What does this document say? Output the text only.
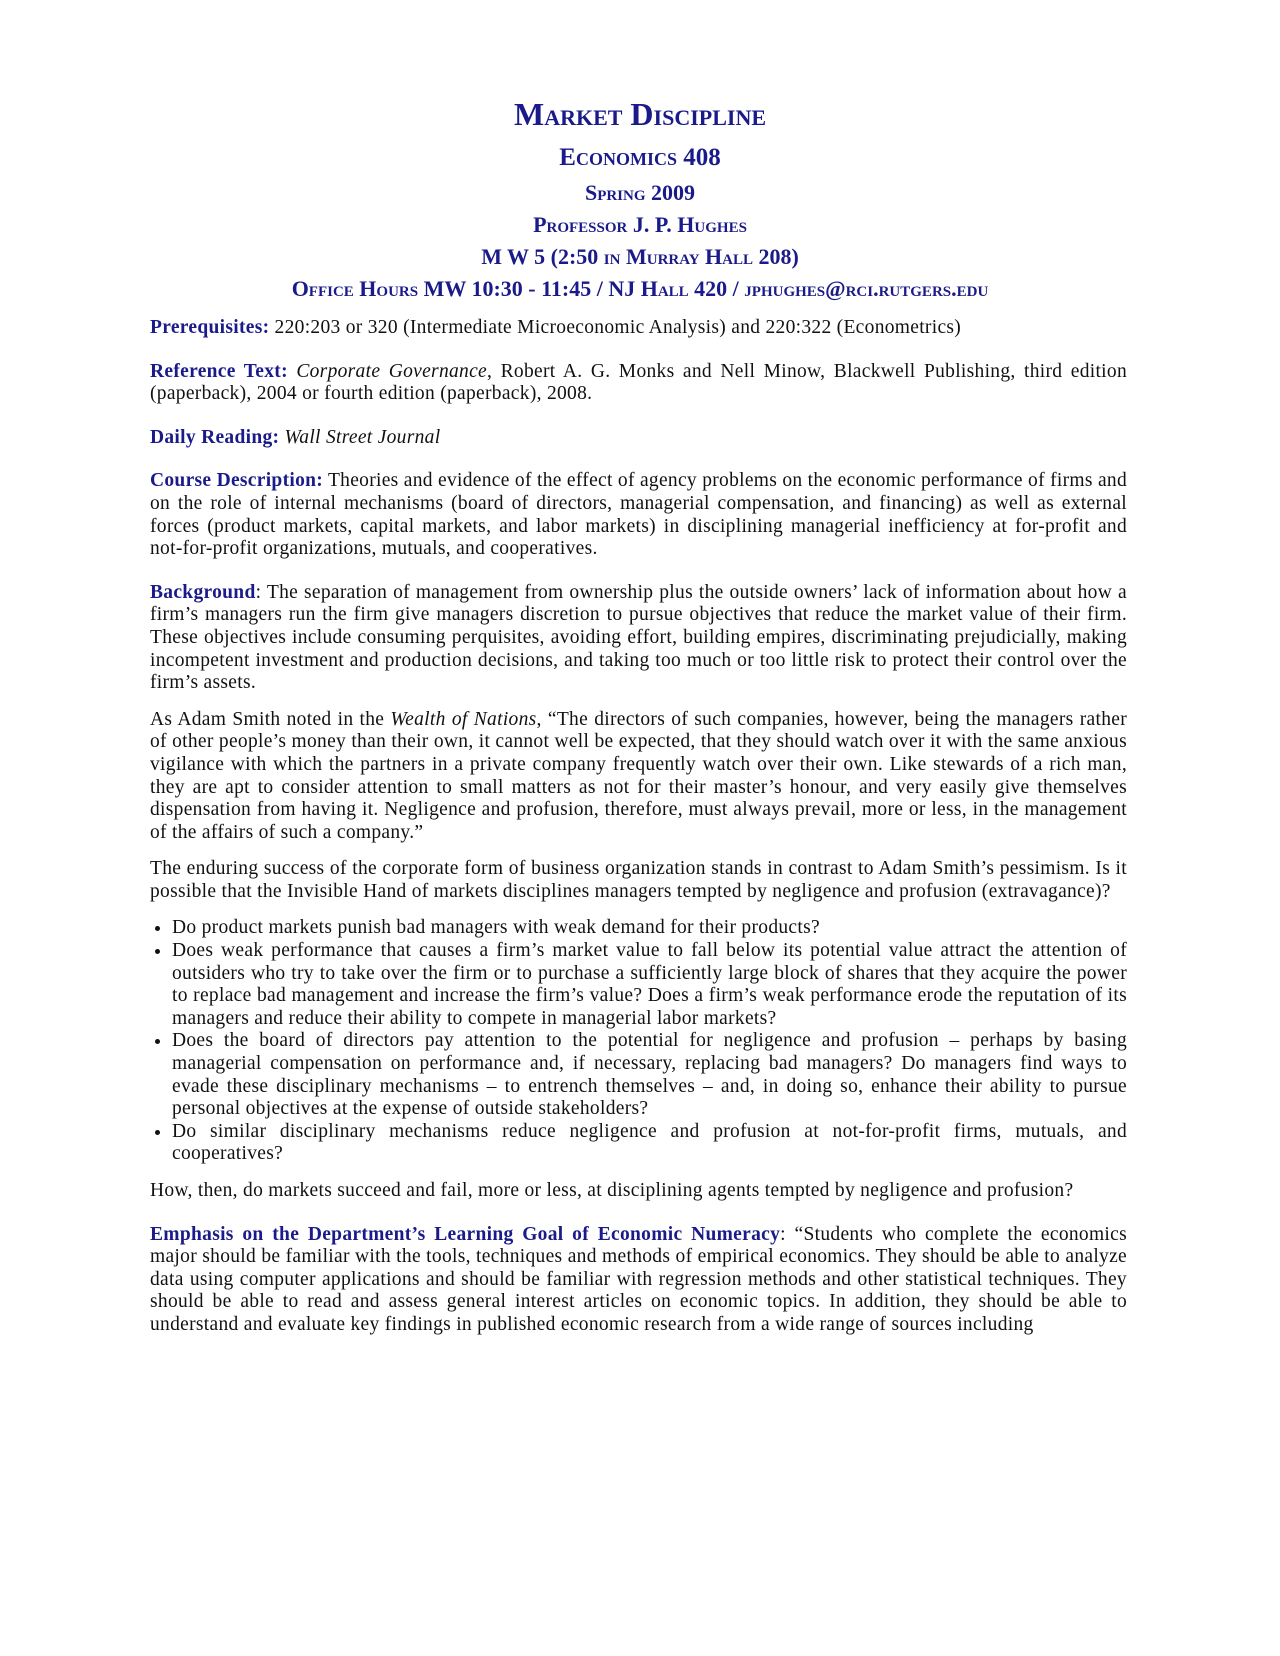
Market Discipline
Economics 408
Spring 2009
Professor J. P. Hughes
M W 5 (2:50 in Murray Hall 208)
Office Hours MW 10:30 - 11:45 / NJ Hall 420 / jphughes@rci.rutgers.edu

Prerequisites: 220:203 or 320 (Intermediate Microeconomic Analysis) and 220:322 (Econometrics)

Reference Text: Corporate Governance, Robert A. G. Monks and Nell Minow, Blackwell Publishing, third edition (paperback), 2004 or fourth edition (paperback), 2008.

Daily Reading: Wall Street Journal

Course Description: Theories and evidence of the effect of agency problems on the economic performance of firms and on the role of internal mechanisms (board of directors, managerial compensation, and financing) as well as external forces (product markets, capital markets, and labor markets) in disciplining managerial inefficiency at for-profit and not-for-profit organizations, mutuals, and cooperatives.

Background: The separation of management from ownership plus the outside owners’ lack of information about how a firm’s managers run the firm give managers discretion to pursue objectives that reduce the market value of their firm. These objectives include consuming perquisites, avoiding effort, building empires, discriminating prejudicially, making incompetent investment and production decisions, and taking too much or too little risk to protect their control over the firm’s assets.

As Adam Smith noted in the Wealth of Nations, “The directors of such companies, however, being the managers rather of other people’s money than their own, it cannot well be expected, that they should watch over it with the same anxious vigilance with which the partners in a private company frequently watch over their own. Like stewards of a rich man, they are apt to consider attention to small matters as not for their master’s honour, and very easily give themselves dispensation from having it. Negligence and profusion, therefore, must always prevail, more or less, in the management of the affairs of such a company.”

The enduring success of the corporate form of business organization stands in contrast to Adam Smith’s pessimism. Is it possible that the Invisible Hand of markets disciplines managers tempted by negligence and profusion (extravagance)?

• Do product markets punish bad managers with weak demand for their products?
• Does weak performance that causes a firm’s market value to fall below its potential value attract the attention of outsiders who try to take over the firm or to purchase a sufficiently large block of shares that they acquire the power to replace bad management and increase the firm’s value? Does a firm’s weak performance erode the reputation of its managers and reduce their ability to compete in managerial labor markets?
• Does the board of directors pay attention to the potential for negligence and profusion – perhaps by basing managerial compensation on performance and, if necessary, replacing bad managers? Do managers find ways to evade these disciplinary mechanisms – to entrench themselves – and, in doing so, enhance their ability to pursue personal objectives at the expense of outside stakeholders?
• Do similar disciplinary mechanisms reduce negligence and profusion at not-for-profit firms, mutuals, and cooperatives?

How, then, do markets succeed and fail, more or less, at disciplining agents tempted by negligence and profusion?

Emphasis on the Department’s Learning Goal of Economic Numeracy: “Students who complete the economics major should be familiar with the tools, techniques and methods of empirical economics. They should be able to analyze data using computer applications and should be familiar with regression methods and other statistical techniques. They should be able to read and assess general interest articles on economic topics. In addition, they should be able to understand and evaluate key findings in published economic research from a wide range of sources including
